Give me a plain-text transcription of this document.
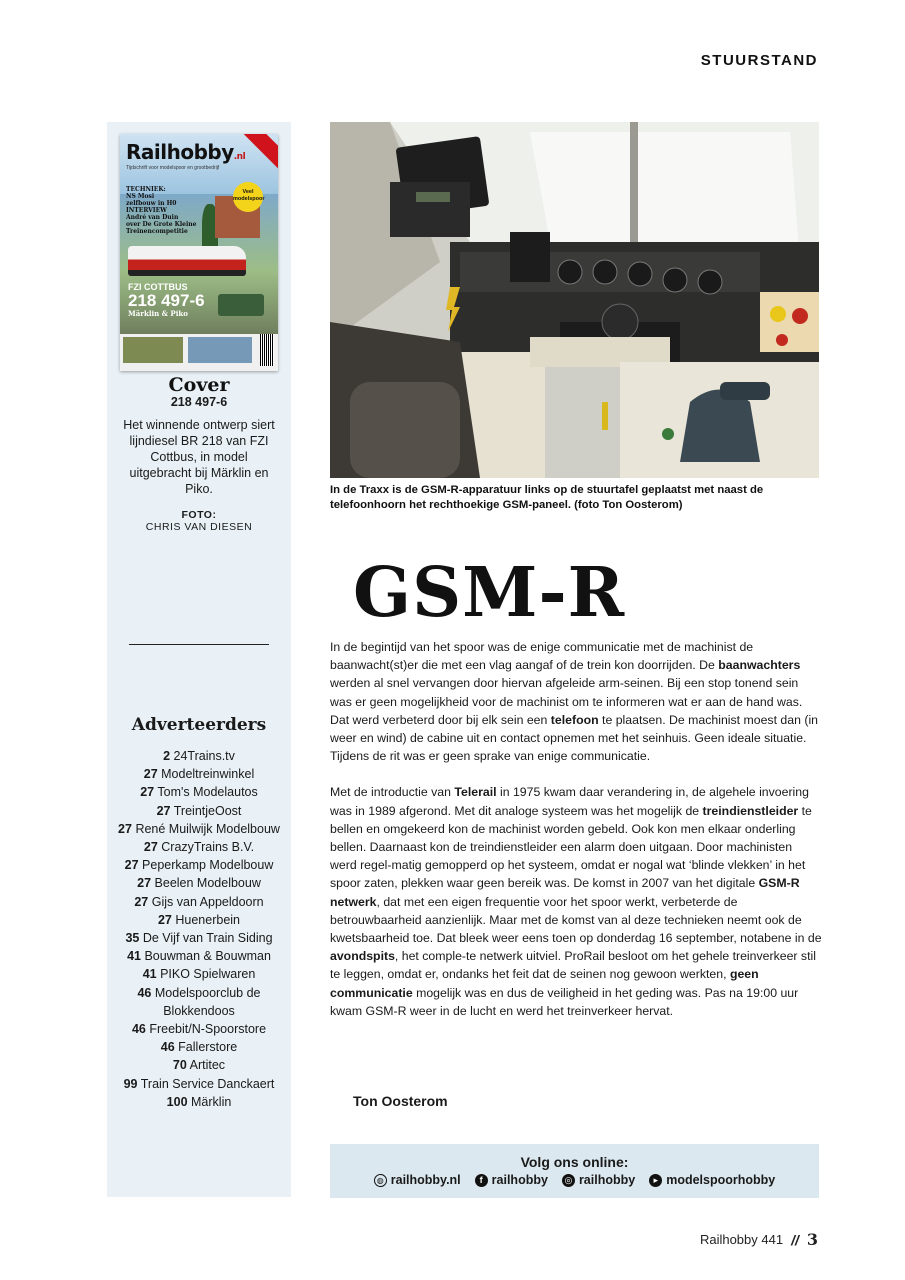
STUURSTAND
Railhobby.nl
Tijdschrift voor modelspoor en grootbedrijf
TECHNIEK:
NS Mosi
zelfbouw in H0
INTERVIEW
André van Duin
over De Grote Kleine
Treinencompetitie
Veel modelspoor
FZI COTTBUS
218 497-6
Märklin & Piko
Cover
218 497-6
Het winnende ontwerp siert lijndiesel BR 218 van FZI Cottbus, in model uitgebracht bij Märklin en Piko.
FOTO:
CHRIS VAN DIESEN
Adverteerders
2 24Trains.tv
27 Modeltreinwinkel
27 Tom's Modelautos
27 TreintjeOost
27 René Muilwijk Modelbouw
27 CrazyTrains B.V.
27 Peperkamp Modelbouw
27 Beelen Modelbouw
27 Gijs van Appeldoorn
27 Huenerbein
35 De Vijf van Train Siding
41 Bouwman & Bouwman
41 PIKO Spielwaren
46 Modelspoorclub de Blokkendoos
46 Freebit/N-Spoorstore
46 Fallerstore
70 Artitec
99 Train Service Danckaert
100 Märklin
In de Traxx is de GSM-R-apparatuur links op de stuurtafel geplaatst met naast de telefoonhoorn het rechthoekige GSM-paneel. (foto Ton Oosterom)
GSM-R

In de begintijd van het spoor was de enige communicatie met de machinist de baanwacht(st)er die met een vlag aangaf of de trein kon doorrijden. De baanwachters werden al snel vervangen door hiervan afgeleide arm-seinen. Bij een stop tonend sein was er geen mogelijkheid voor de machinist om te informeren wat er aan de hand was. Dat werd verbeterd door bij elk sein een telefoon te plaatsen. De machinist moest dan (in weer en wind) de cabine uit en contact opnemen met het seinhuis. Geen ideale situatie. Tijdens de rit was er geen sprake van enige communicatie.

Met de introductie van Telerail in 1975 kwam daar verandering in, de algehele invoering was in 1989 afgerond. Met dit analoge systeem was het mogelijk de treindienstleider te bellen en omgekeerd kon de machinist worden gebeld. Ook kon men elkaar onderling bellen. Daarnaast kon de treindienstleider een alarm doen uitgaan. Door machinisten werd regel-matig gemopperd op het systeem, omdat er nogal wat ‘blinde vlekken’ in het spoor zaten, plekken waar geen bereik was. De komst in 2007 van het digitale GSM-R netwerk, dat met een eigen frequentie voor het spoor werkt, verbeterde de betrouwbaarheid aanzienlijk. Maar met de komst van al deze technieken neemt ook de kwetsbaarheid toe. Dat bleek weer eens toen op donderdag 16 september, notabene in de avondspits, het comple-te netwerk uitviel. ProRail besloot om het gehele treinverkeer stil te leggen, omdat er, ondanks het feit dat de seinen nog gewoon werkten, geen communicatie mogelijk was en dus de veiligheid in het geding was. Pas na 19:00 uur kwam GSM-R weer in de lucht en werd het treinverkeer hervat.

Ton Oosterom
Volg ons online:
◍ railhobby.nl	f railhobby ◎ railhobby	▸ modelspoorhobby
Railhobby 441 // 3
